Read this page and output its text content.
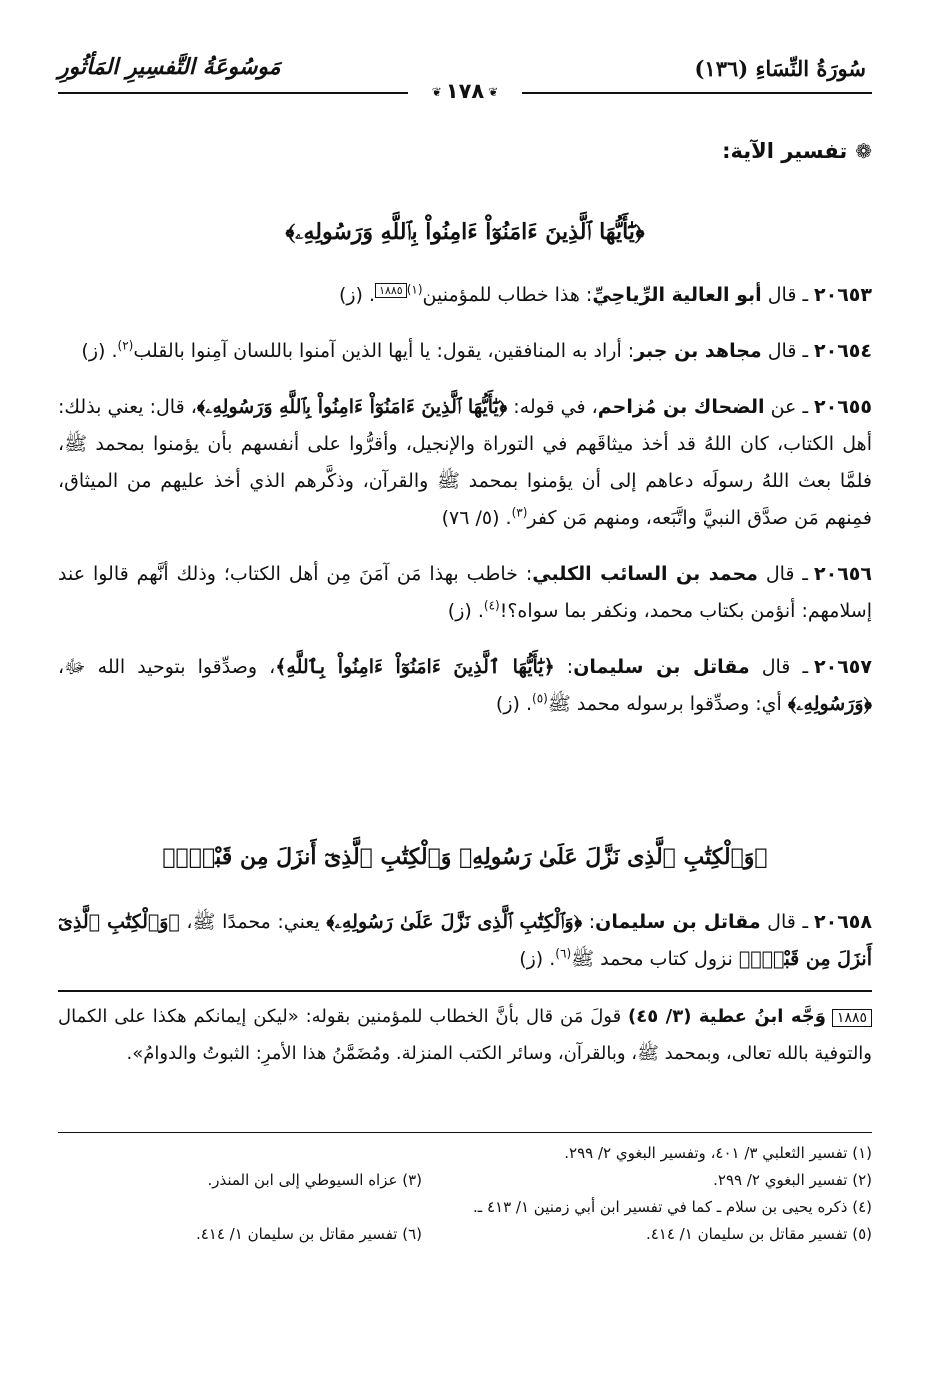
سُورَةُ النِّسَاءِ (١٣٦)
مَوسُوعَةُ التَّفسِيرِ المَأثُورِ
❦١٧٨❦
❁تفسير الآية:
﴿يَٰٓأَيُّهَا ٱلَّذِينَ ءَامَنُوٓاْ ءَامِنُواْ بِٱللَّهِ وَرَسُولِهِۦ﴾

٢٠٦٥٣ـ قال أبو العالية الرِّياحِيِّ: هذا خطاب للمؤمنين$^{(١)١٨٨٥}$. (ز)

٢٠٦٥٤ـ قال مجاهد بن جبر: أراد به المنافقين، يقول: يا أيها الذين آمنوا باللسان آمِنوا بالقلب$^{(٢)}$. (ز)

٢٠٦٥٥ـ عن الضحاك بن مُزاحم، في قوله: ﴿يَٰٓأَيُّهَا ٱلَّذِينَ ءَامَنُوٓاْ ءَامِنُواْ بِٱللَّهِ وَرَسُولِهِۦ﴾، قال: يعني بذلك: أهل الكتاب، كان اللهُ قد أخذ ميثاقَهم في التوراة والإنجيل، وأقرُّوا على أنفسهم بأن يؤمنوا بمحمد ﷺ، فلمَّا بعث اللهُ رسولَه دعاهم إلى أن يؤمنوا بمحمد ﷺ والقرآن، وذكَّرهم الذي أخذ عليهم من الميثاق، فمِنهم مَن صدَّق النبيَّ واتَّبَعه، ومنهم مَن كفر$^{(٣)}$. (٥/ ٧٦)

٢٠٦٥٦ـ قال محمد بن السائب الكلبي: خاطب بهذا مَن آمَنَ مِن أهل الكتاب؛ وذلك أنَّهم قالوا عند إسلامهم: أنؤمن بكتاب محمد، ونكفر بما سواه؟!$^{(٤)}$. (ز)

٢٠٦٥٧ـ قال مقاتل بن سليمان: ﴿يَٰٓأَيُّهَا ٱلَّذِينَ ءَامَنُوٓاْ ءَامِنُواْ بِٱللَّهِ﴾، وصدِّقوا بتوحيد الله ﷻ، ﴿وَرَسُولِهِۦ﴾ أي: وصدِّقوا برسوله محمد ﷺ$^{(٥)}$. (ز)

﴿وَٱلْكِتَٰبِ ٱلَّذِى نَزَّلَ عَلَىٰ رَسُولِهِۦ وَٱلْكِتَٰبِ ٱلَّذِىٓ أَنزَلَ مِن قَبْلُۚ﴾

٢٠٦٥٨ـ قال مقاتل بن سليمان: ﴿وَٱلْكِتَٰبِ ٱلَّذِى نَزَّلَ عَلَىٰ رَسُولِهِۦ﴾ يعني: محمدًا ﷺ، ﴿وَٱلْكِتَٰبِ ٱلَّذِىٓ أَنزَلَ مِن قَبْلُۚ﴾ نزول كتاب محمد ﷺ$^{(٦)}$. (ز)

١٨٨٥وَجَّه ابنُ عطية (٣/ ٤٥) قولَ مَن قال بأنَّ الخطاب للمؤمنين بقوله: «ليكن إيمانكم هكذا على الكمال والتوفية بالله تعالى، وبمحمد ﷺ، وبالقرآن، وسائر الكتب المنزلة. ومُضَمَّنُ هذا الأمرِ: الثبوتُ والدوامُ».
(١) تفسير الثعلبي ٣/ ٤٠١، وتفسير البغوي ٢/ ٢٩٩.
(٢) تفسير البغوي ٢/ ٢٩٩.
(٣) عزاه السيوطي إلى ابن المنذر.
(٤) ذكره يحيى بن سلام ـ كما في تفسير ابن أبي زمنين ١/ ٤١٣ ـ.
(٥) تفسير مقاتل بن سليمان ١/ ٤١٤.
(٦) تفسير مقاتل بن سليمان ١/ ٤١٤.
